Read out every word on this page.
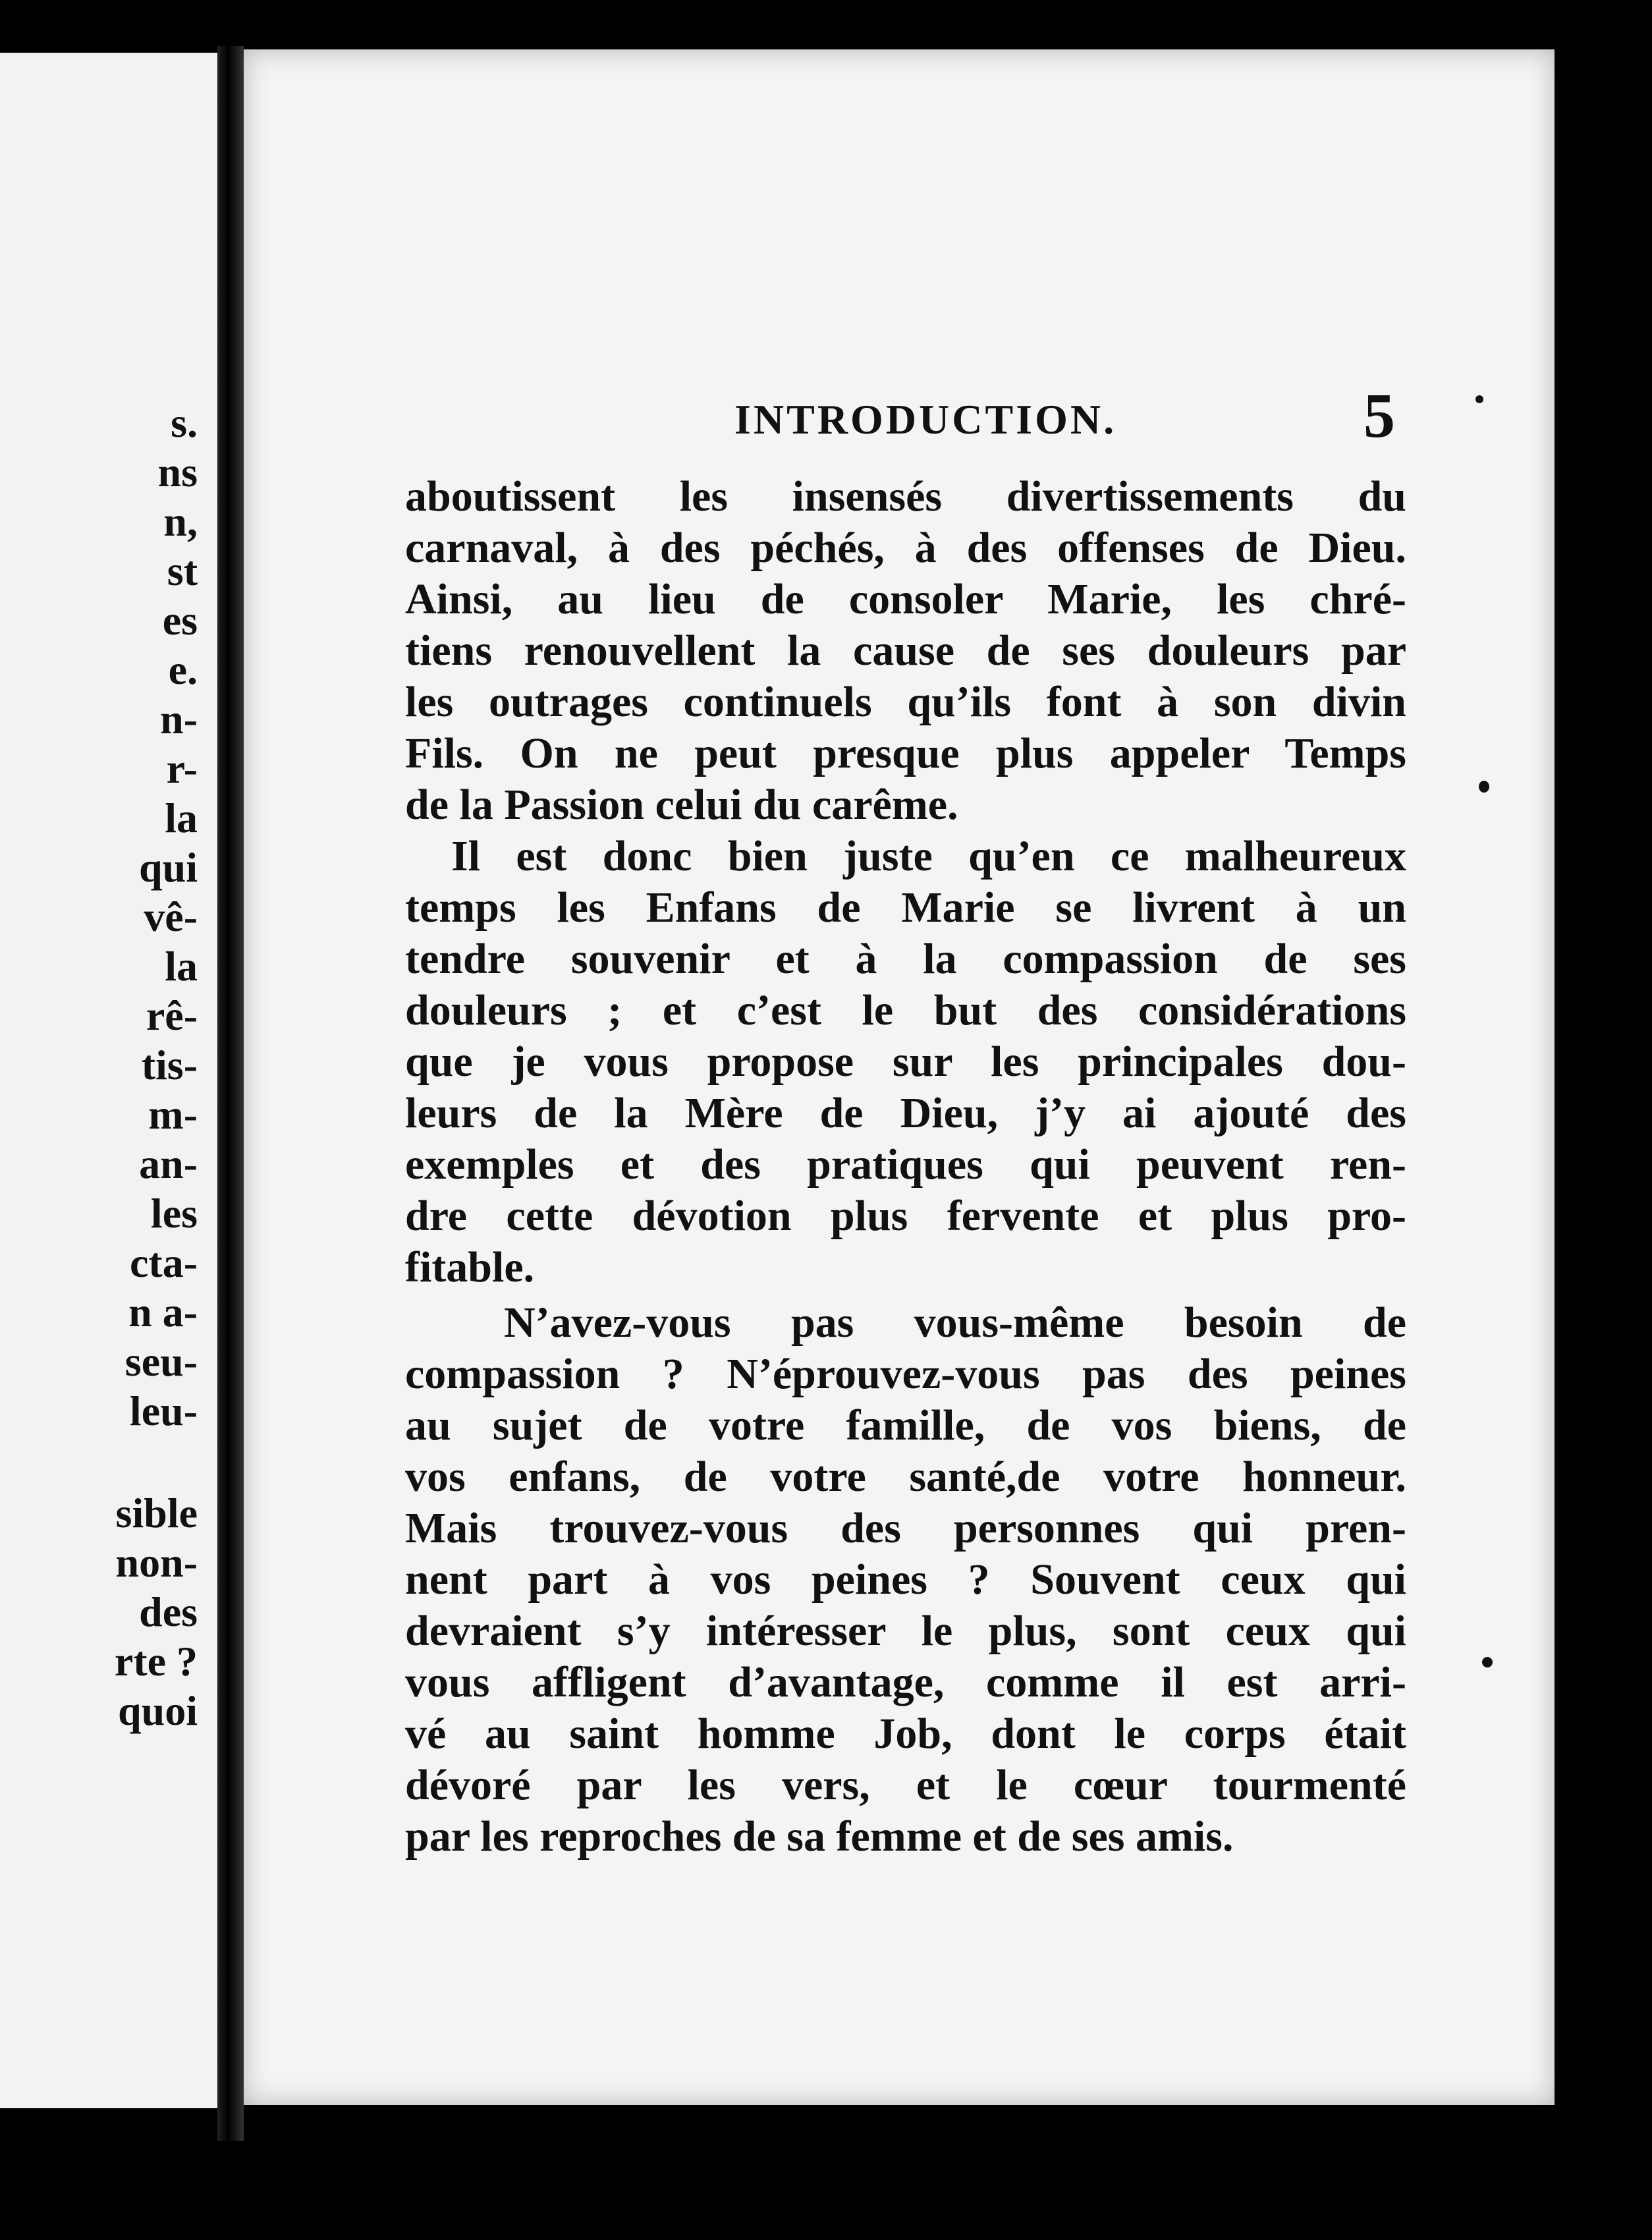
s.
ns
n,
st
es
e.
n-
r-
la
qui
vê-
la
rê-
tis-
m-
an-
les
cta-
n a-
seu-
leu-
sible
non-
des
rte ?
quoi
INTRODUCTION.	5
aboutissent les insensés divertissements du
carnaval, à des péchés, à des offenses de Dieu.
Ainsi, au lieu de consoler Marie, les chré-
tiens renouvellent la cause de ses douleurs par
les outrages continuels qu’ils font à son divin
Fils. On ne peut presque plus appeler Temps
de la Passion celui du carême.
Il est donc bien juste qu’en ce malheureux
temps les Enfans de Marie se livrent à un
tendre souvenir et à la compassion de ses
douleurs ; et c’est le but des considérations
que je vous propose sur les principales dou-
leurs de la Mère de Dieu, j’y ai ajouté des
exemples et des pratiques qui peuvent ren-
dre cette dévotion plus fervente et plus pro-
fitable.
N’avez-vous pas vous-même besoin de
compassion ? N’éprouvez-vous pas des peines
au sujet de votre famille, de vos biens, de
vos enfans, de votre santé,de votre honneur.
Mais trouvez-vous des personnes qui pren-
nent part à vos peines ? Souvent ceux qui
devraient s’y intéresser le plus, sont ceux qui
vous affligent d’avantage, comme il est arri-
vé au saint homme Job, dont le corps était
dévoré par les vers, et le cœur tourmenté
par les reproches de sa femme et de ses amis.
